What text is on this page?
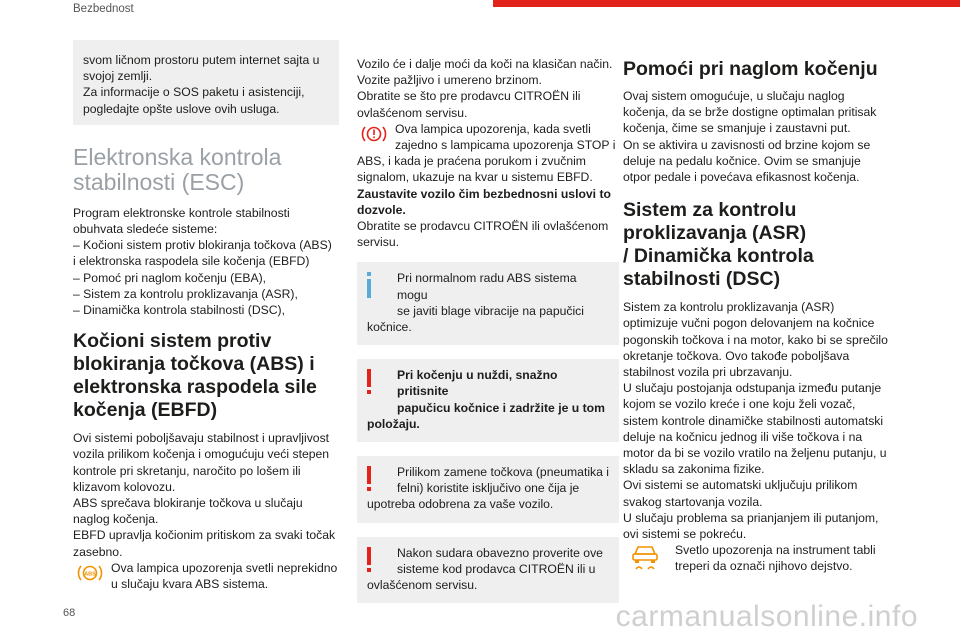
Bezbednost

svom ličnom prostoru putem internet sajta u

svojoj zemlji.

Za informacije o SOS paketu i asistenciji,

pogledajte opšte uslove ovih usluga.

Elektronska kontrola
stabilnosti (ESC)

Program elektronske kontrole stabilnosti

obuhvata sledeće sisteme:

– Kočioni sistem protiv blokiranja točkova (ABS)

i elektronska raspodela sile kočenja (EBFD)

– Pomoć pri naglom kočenju (EBA),

– Sistem za kontrolu proklizavanja (ASR),

– Dinamička kontrola stabilnosti (DSC),

Kočioni sistem protiv
blokiranja točkova (ABS) i
elektronska raspodela sile
kočenja (EBFD)

Ovi sistemi poboljšavaju stabilnost i upravljivost

vozila prilikom kočenja i omogućuju veći stepen

kontrole pri skretanju, naročito po lošem ili

klizavom kolovozu.

ABS sprečava blokiranje točkova u slučaju

naglog kočenja.

EBFD upravlja kočionim pritiskom za svaki točak

zasebno.

ABS Ova lampica upozorenja svetli neprekidno

u slučaju kvara ABS sistema.

Vozilo će i dalje moći da koči na klasičan način.

Vozite pažljivo i umereno brzinom.

Obratite se što pre prodavcu CITROËN ili

ovlašćenom servisu.

Ova lampica upozorenja, kada svetli

zajedno s lampicama upozorenja STOP i

ABS, i kada je praćena porukom i zvučnim

signalom, ukazuje na kvar u sistemu EBFD.

Zaustavite vozilo čim bezbednosni uslovi to

dozvole.

Obratite se prodavcu CITROËN ili ovlašćenom

servisu.

Pri normalnom radu ABS sistema mogu

se javiti blage vibracije na papučici

kočnice.

Pri kočenju u nuždi, snažno pritisnite

papučicu kočnice i zadržite je u tom

položaju.

Prilikom zamene točkova (pneumatika i

felni) koristite isključivo one čija je

upotreba odobrena za vaše vozilo.

Nakon sudara obavezno proverite ove

sisteme kod prodavca CITROËN ili u

ovlašćenom servisu.

Pomoći pri naglom kočenju

Ovaj sistem omogućuje, u slučaju naglog

kočenja, da se brže dostigne optimalan pritisak

kočenja, čime se smanjuje i zaustavni put.

On se aktivira u zavisnosti od brzine kojom se

deluje na pedalu kočnice. Ovim se smanjuje

otpor pedale i povećava efikasnost kočenja.

Sistem za kontrolu
proklizavanja (ASR)
/ Dinamička kontrola
stabilnosti (DSC)

Sistem za kontrolu proklizavanja (ASR)

optimizuje vučni pogon delovanjem na kočnice

pogonskih točkova i na motor, kako bi se sprečilo

okretanje točkova. Ovo takođe poboljšava

stabilnost vozila pri ubrzavanju.

U slučaju postojanja odstupanja između putanje

kojom se vozilo kreće i one koju želi vozač,

sistem kontrole dinamičke stabilnosti automatski

deluje na kočnicu jednog ili više točkova i na

motor da bi se vozilo vratilo na željenu putanju, u

skladu sa zakonima fizike.

Ovi sistemi se automatski uključuju prilikom

svakog startovanja vozila.

U slučaju problema sa prianjanjem ili putanjom,

ovi sistemi se pokreću.

Svetlo upozorenja na instrument tabli

treperi da označi njihovo dejstvo.

68	carmanualsonline.info
